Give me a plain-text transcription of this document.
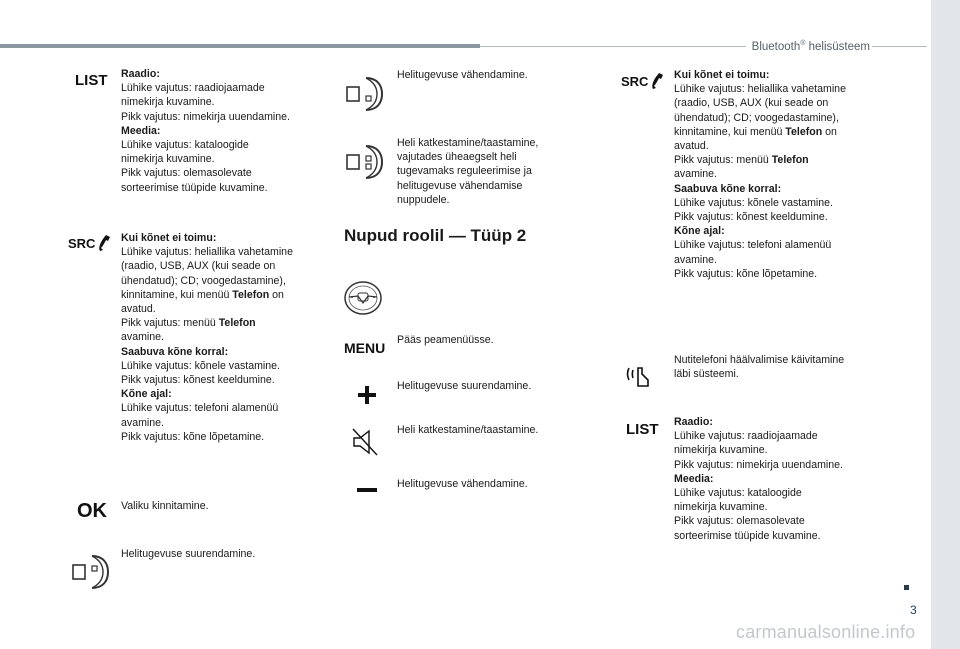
Bluetooth® helisüsteem
3
carmanualsonline.info
LIST Raadio:
Lühike vajutus: raadiojaamade
nimekirja kuvamine.
Pikk vajutus: nimekirja uuendamine.
Meedia:
Lühike vajutus: kataloogide
nimekirja kuvamine.
Pikk vajutus: olemasolevate
sorteerimise tüüpide kuvamine.
SRC Kui kõnet ei toimu:
Lühike vajutus: heliallika vahetamine
(raadio, USB, AUX (kui seade on
ühendatud); CD; voogedastamine),
kinnitamine, kui menüü Telefon on
avatud.
Pikk vajutus: menüü Telefon
avamine.
Saabuva kõne korral:
Lühike vajutus: kõnele vastamine.
Pikk vajutus: kõnest keeldumine.
Kõne ajal:
Lühike vajutus: telefoni alamenüü
avamine.
Pikk vajutus: kõne lõpetamine.
OK Valiku kinnitamine.
Helitugevuse suurendamine.
Helitugevuse vähendamine.
Heli katkestamine/taastamine,
vajutades üheaegselt heli
tugevamaks reguleerimise ja
helitugevuse vähendamise
nuppudele.
Nupud roolil — Tüüp 2
MENU Pääs peamenüüsse.
Helitugevuse suurendamine.
Heli katkestamine/taastamine.
Helitugevuse vähendamine.
SRC Kui kõnet ei toimu:
Lühike vajutus: heliallika vahetamine
(raadio, USB, AUX (kui seade on
ühendatud); CD; voogedastamine),
kinnitamine, kui menüü Telefon on
avatud.
Pikk vajutus: menüü Telefon
avamine.
Saabuva kõne korral:
Lühike vajutus: kõnele vastamine.
Pikk vajutus: kõnest keeldumine.
Kõne ajal:
Lühike vajutus: telefoni alamenüü
avamine.
Pikk vajutus: kõne lõpetamine.
Nutitelefoni häälvalimise käivitamine
läbi süsteemi.
LIST Raadio:
Lühike vajutus: raadiojaamade
nimekirja kuvamine.
Pikk vajutus: nimekirja uuendamine.
Meedia:
Lühike vajutus: kataloogide
nimekirja kuvamine.
Pikk vajutus: olemasolevate
sorteerimise tüüpide kuvamine.
